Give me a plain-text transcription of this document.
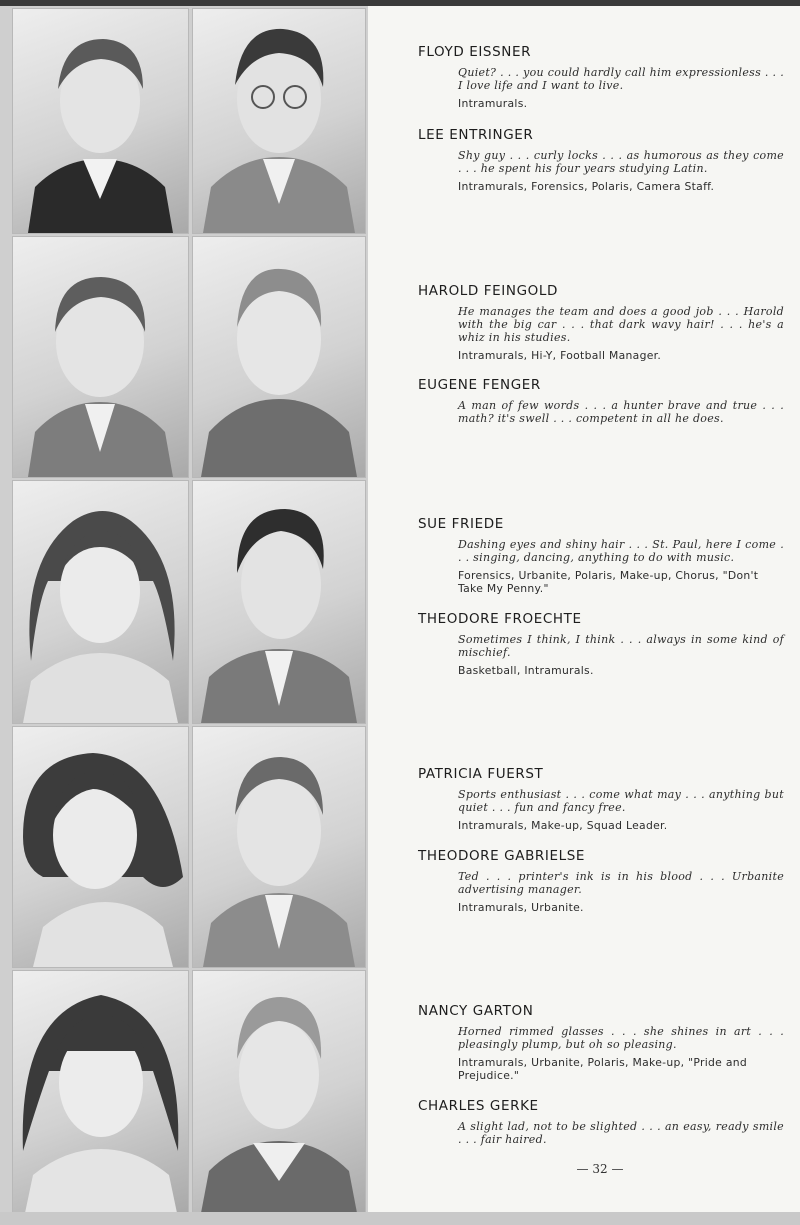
FLOYD EISSNER
Quiet? . . . you could hardly call him expressionless . . . I love life and I want to live.
Intramurals.
LEE ENTRINGER
Shy guy . . . curly locks . . . as humorous as they come . . . he spent his four years studying Latin.
Intramurals, Forensics, Polaris, Camera Staff.
HAROLD FEINGOLD
He manages the team and does a good job . . . Harold with the big car . . . that dark wavy hair! . . . he's a whiz in his studies.
Intramurals, Hi-Y, Football Manager.
EUGENE FENGER
A man of few words . . . a hunter brave and true . . . math? it's swell . . . competent in all he does.
SUE FRIEDE
Dashing eyes and shiny hair . . . St. Paul, here I come . . . singing, dancing, anything to do with music.
Forensics, Urbanite, Polaris, Make-up, Chorus, "Don't Take My Penny."
THEODORE FROECHTE
Sometimes I think, I think . . . always in some kind of mischief.
Basketball, Intramurals.
PATRICIA FUERST
Sports enthusiast . . . come what may . . . anything but quiet . . . fun and fancy free.
Intramurals, Make-up, Squad Leader.
THEODORE GABRIELSE
Ted . . . printer's ink is in his blood . . . Urbanite advertising manager.
Intramurals, Urbanite.
NANCY GARTON
Horned rimmed glasses . . . she shines in art . . . pleasingly plump, but oh so pleasing.
Intramurals, Urbanite, Polaris, Make-up, "Pride and Prejudice."
CHARLES GERKE
A slight lad, not to be slighted . . . an easy, ready smile . . . fair haired.
— 32 —
